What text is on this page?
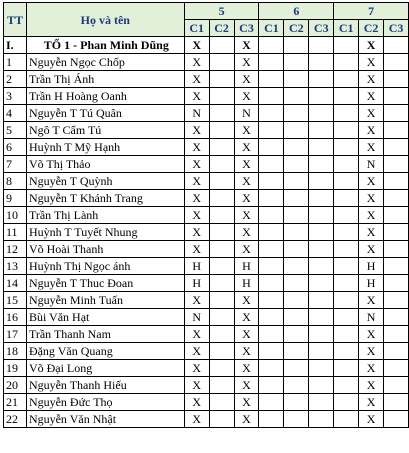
TT	Họ và tên	5			6			7		
		C1	C2	C3	C1	C2	C3	C1	C2	C3
I.	TỔ 1 - Phan Minh Dũng	X		X					X	
1	Nguyễn Ngọc Chốp	X		X					X	
2	Trần Thị Ánh	X		X					X	
3	Trần H Hoàng Oanh	X		X					X	
4	Nguyễn T Tú Quân	N		N					X	
5	Ngô T Cẩm Tú	X		X					X	
6	Huỳnh T Mỹ Hạnh	X		X					X	
7	Võ Thị Thảo	X		X					N	
8	Nguyễn T Quỳnh	X		X					X	
9	Nguyễn T Khánh Trang	X		X					X	
10	Trần Thị Lành	X		X					X	
11	Huỳnh T Tuyết Nhung	X		X					X	
12	Võ Hoài Thanh	X		X					X	
13	Huỳnh Thị Ngọc ánh	H		H					H	
14	Nguyễn T Thuc Đoan	H		H					H	
15	Nguyễn Minh Tuấn	X		X					X	
16	Bùi Văn Hạt	N		X					N	
17	Trần Thanh Nam	X		X					X	
18	Đặng Văn Quang	X		X					X	
19	Võ Đại Long	X		X					X	
20	Nguyễn Thanh Hiếu	X		X					X	
21	Nguyễn Đức Thọ	X		X					X	
22	Nguyễn Văn Nhật	X		X					X	
